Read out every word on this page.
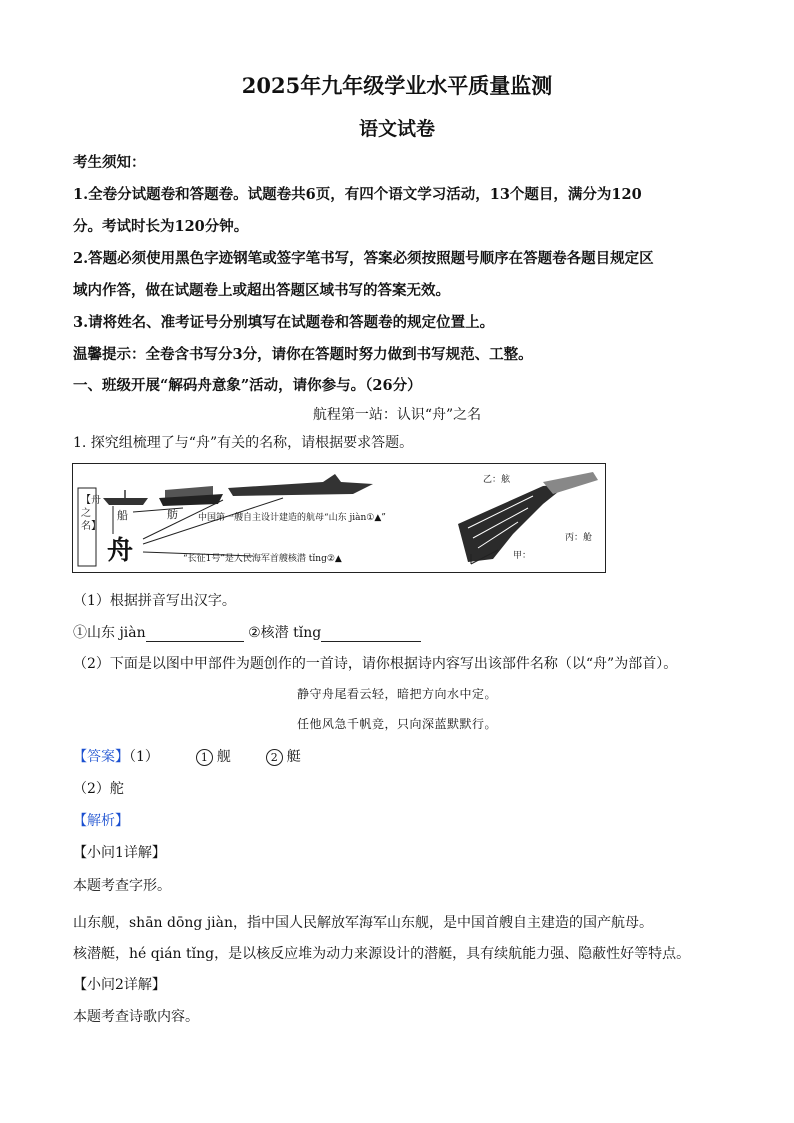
2025年九年级学业水平质量监测
语文试卷
考生须知：
1.全卷分试题卷和答题卷。试题卷共6页，有四个语文学习活动，13个题目，满分为120
分。考试时长为120分钟。
2.答题必须使用黑色字迹钢笔或签字笔书写，答案必须按照题号顺序在答题卷各题目规定区
域内作答，做在试题卷上或超出答题区域书写的答案无效。
3.请将姓名、准考证号分别填写在试题卷和答题卷的规定位置上。
温馨提示：全卷含书写分3分，请你在答题时努力做到书写规范、工整。
一、班级开展“解码舟意象”活动，请你参与。（26分）
航程第一站：认识“舟”之名
1. 探究组梳理了与“舟”有关的名称，请根据要求答题。
【舟之名】
船	舫
舟
中国第一艘自主设计建造的航母“山东 jiàn①▲”
“长征1号”是人民海军首艘核潜 tǐng②▲
乙：舷
丙：舱
甲：
（1）根据拼音写出汉字。
①山东 jiàn	②核潜 tǐng
（2）下面是以图中甲部件为题创作的一首诗，请你根据诗内容写出该部件名称（以“舟”为部首）。
静守舟尾看云轻，暗把方向水中定。
任他风急千帆竞，只向深蓝默默行。
【答案】（1）	1 舰	2 艇
（2）舵
【解析】
【小问1详解】
本题考查字形。
山东舰，shān dōng jiàn，指中国人民解放军海军山东舰，是中国首艘自主建造的国产航母。
核潜艇，hé qián tǐng，是以核反应堆为动力来源设计的潜艇，具有续航能力强、隐蔽性好等特点。
【小问2详解】
本题考查诗歌内容。
